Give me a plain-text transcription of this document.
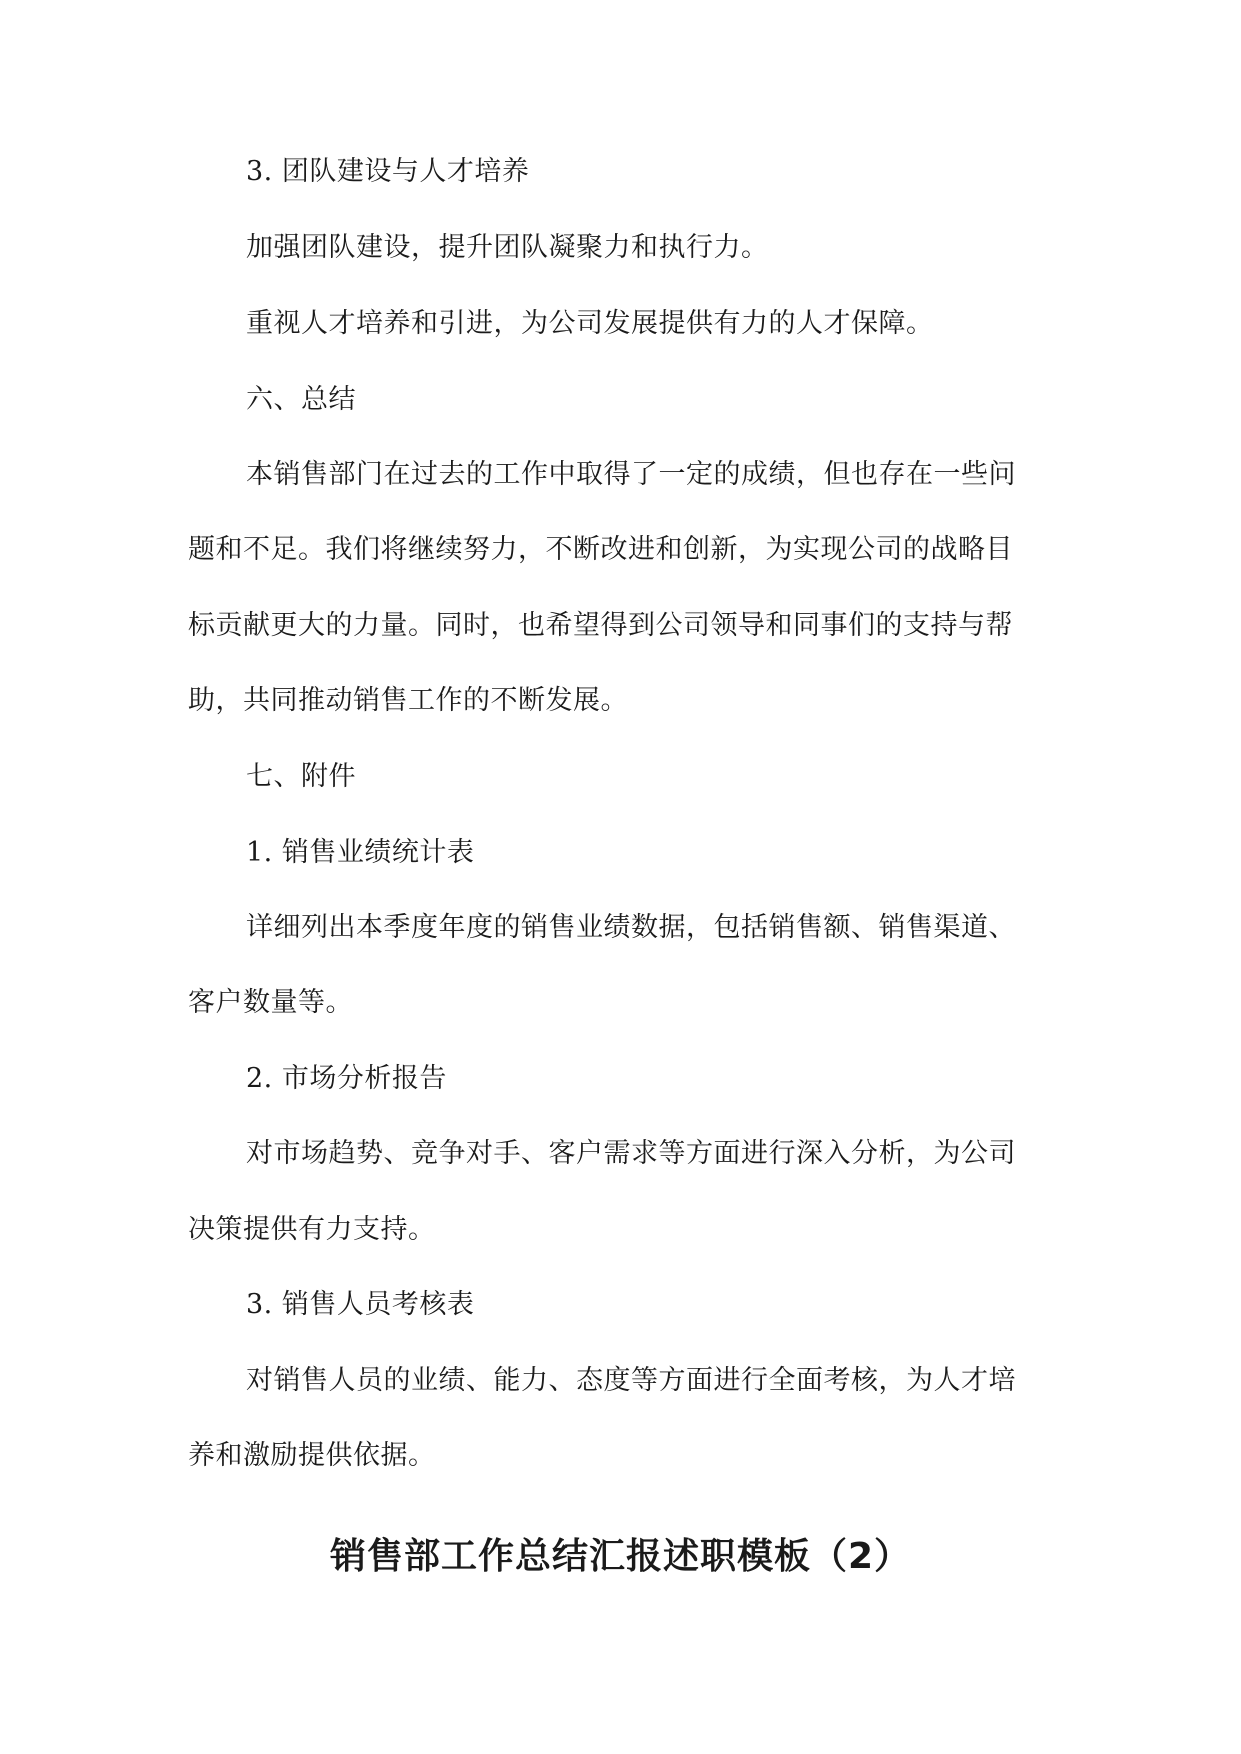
3. 团队建设与人才培养
加强团队建设，提升团队凝聚力和执行力。
重视人才培养和引进，为公司发展提供有力的人才保障。
六、总结
本销售部门在过去的工作中取得了一定的成绩，但也存在一些问
题和不足。我们将继续努力，不断改进和创新，为实现公司的战略目
标贡献更大的力量。同时，也希望得到公司领导和同事们的支持与帮
助，共同推动销售工作的不断发展。
七、附件
1. 销售业绩统计表
详细列出本季度年度的销售业绩数据，包括销售额、销售渠道、
客户数量等。
2. 市场分析报告
对市场趋势、竞争对手、客户需求等方面进行深入分析，为公司
决策提供有力支持。
3. 销售人员考核表
对销售人员的业绩、能力、态度等方面进行全面考核，为人才培
养和激励提供依据。
销售部工作总结汇报述职模板（2）
